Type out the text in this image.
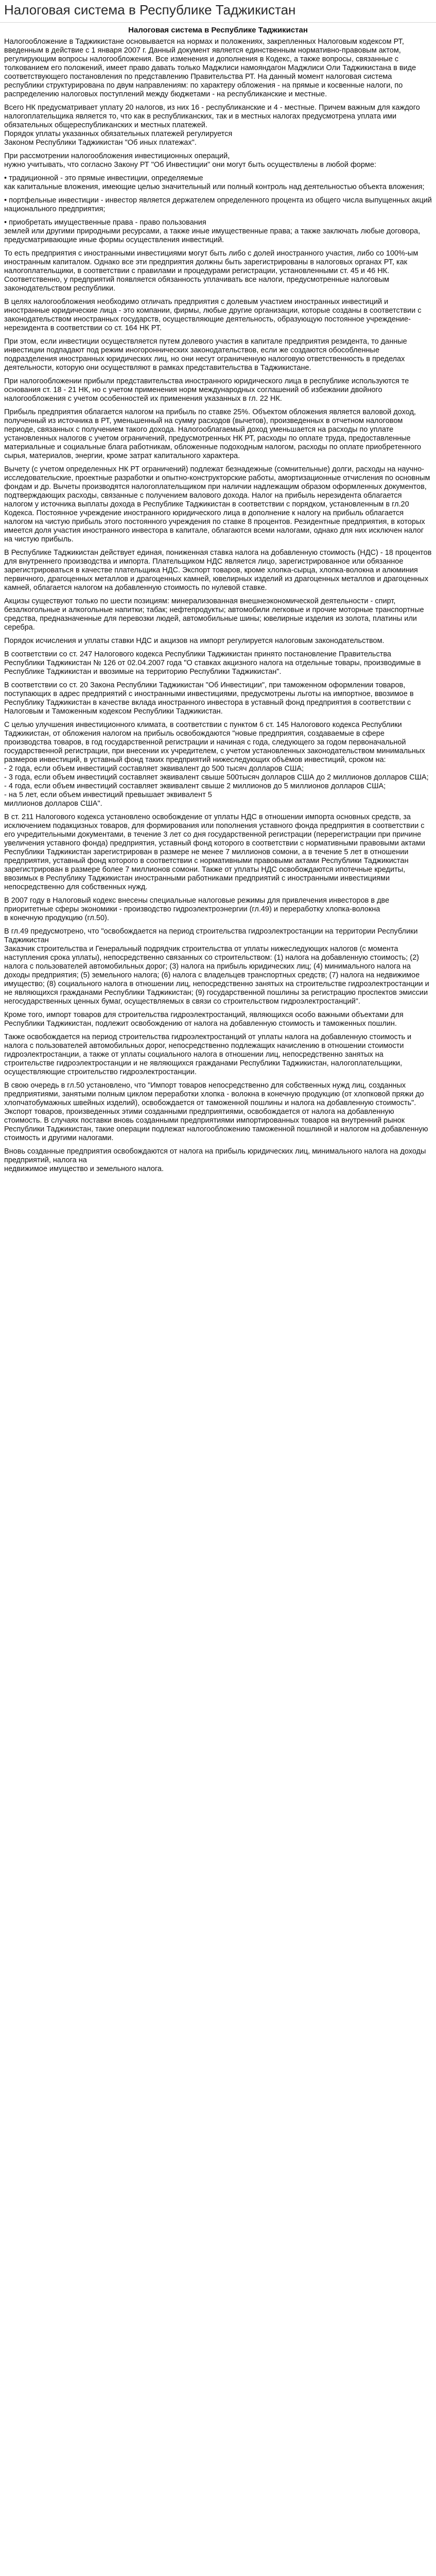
Налоговая система в Республике Таджикистан
Налоговая система в Республике Таджикистан

Налогообложение в Таджикистане основывается на нормах и положениях, закрепленных Налоговым кодексом РТ, введенным в действие с 1 января 2007 г. Данный документ является единственным нормативно-правовым актом, регулирующим вопросы налогообложения. Все изменения и дополнения в Кодекс, а также вопросы, связанные с толкованием его положений, имеет право давать только Маджлиси намояндагон Маджлиси Оли Таджикистана в виде соответствующего постановления по представлению Правительства РТ. На данный момент налоговая система республики структурирована по двум направлениям: по характеру обложения - на прямые и косвенные налоги, по распределению налоговых поступлений между бюджетами - на республиканские и местные.

Всего НК предусматривает уплату 20 налогов, из них 16 - республиканские и 4 - местные. Причем важным для каждого налогоплательщика является то, что как в республиканских, так и в местных налогах предусмотрена уплата ими обязательных общереспубликанских и местных платежей.
Порядок уплаты указанных обязательных платежей регулируется
Законом Республики Таджикистан "Об иных платежах".

При рассмотрении налогообложения инвестиционных операций,
нужно учитывать, что согласно Закону РТ "Об Инвестиции" они могут быть осуществлены в любой форме:

• традиционной - это прямые инвестиции, определяемые
как капитальные вложения, имеющие целью значительный или полный контроль над деятельностью объекта вложения;

• портфельные инвестиции - инвестор является держателем определенного процента из общего числа выпущенных акций национального предприятия;

• приобретать имущественные права - право пользования
землей или другими природными ресурсами, а также иные имущественные права; а также заключать любые договора, предусматривающие иные формы осуществления инвестиций.

То есть предприятия с иностранными инвестициями могут быть либо с долей иностранного участия, либо со 100%-ым иностранным капиталом. Однако все эти предприятия должны быть зарегистрированы в налоговых органах РТ, как налогоплательщики, в соответствии с правилами и процедурами регистрации, установленными ст. 45 и 46 НК. Соответственно, у предприятий появляется обязанность уплачивать все налоги, предусмотренные налоговым законодательством республики.

В целях налогообложения необходимо отличать предприятия с долевым участием иностранных инвестиций и иностранные юридические лица - это компании, фирмы, любые другие организации, которые созданы в соответствии с законодательством иностранных государств, осуществляющие деятельность, образующую постоянное учреждение-нерезидента в соответствии со ст. 164 НК РТ.

При этом, если инвестиции осуществляется путем долевого участия в капитале предприятия резидента, то данные инвестиции подпадают под режим иногороннических законодательствов, если же создаются обособленные подразделения иностранных юридических лиц, но они несут ограниченную налоговую ответственность в пределах деятельности, которую они осуществляют в рамках представительства в Таджикистане.

При налогообложении прибыли представительства иностранного юридического лица в республике используются те основания ст. 18 - 21 НК, но с учетом применения норм международных соглашений об избежании двойного налогообложения с учетом особенностей их применения указанных в гл. 22 НК.

Прибыль предприятия облагается налогом на прибыль по ставке 25%. Объектом обложения является валовой доход, полученный из источника в РТ, уменьшенный на сумму расходов (вычетов), произведенных в отчетном налоговом периоде, связанных с получением такого дохода. Налогооблагаемый доход уменьшается на расходы по уплате установленных налогов с учетом ограничений, предусмотренных НК РТ, расходы по оплате труда, предоставленные материальные и социальные блага работникам, обложенные подоходным налогом, расходы по оплате приобретенного сырья, материалов, энергии, кроме затрат капитального характера.

Вычету (с учетом определенных НК РТ ограничений) подлежат безнадежные (сомнительные) долги, расходы на научно-исследовательские, проектные разработки и опытно-конструкторские работы, амортизационные отчисления по основным фондам и др. Вычеты производятся налогоплательщиком при наличии надлежащим образом оформленных документов, подтверждающих расходы, связанные с получением валового дохода. Налог на прибыль нерезидента облагается налогом у источника выплаты дохода в Республике Таджикистан в соответствии с порядком, установленным в гл.20 Кодекса. Постоянное учреждение иностранного юридического лица в дополнение к налогу на прибыль облагается налогом на чистую прибыль этого постоянного учреждения по ставке 8 процентов. Резидентные предприятия, в которых имеется доля участия иностранного инвестора в капитале, облагаются всеми налогами, однако для них исключен налог на чистую прибыль.

В Республике Таджикистан действует единая, пониженная ставка налога на добавленную стоимость (НДС) - 18 процентов для внутреннего производства и импорта. Плательщиком НДС является лицо, зарегистрированное или обязанное зарегистрироваться в качестве плательщика НДС. Экспорт товаров, кроме хлопка-сырца, хлопка-волокна и алюминия первичного, драгоценных металлов и драгоценных камней, ювелирных изделий из драгоценных металлов и драгоценных камней, облагается налогом на добавленную стоимость по нулевой ставке.

Акцизы существуют только по шести позициям: минерализованная внешнеэкономической деятельности - спирт, безалкогольные и алкогольные напитки; табак; нефтепродукты; автомобили легковые и прочие моторные транспортные средства, предназначенные для перевозки людей, автомобильные шины; ювелирные изделия из золота, платины или серебра.

Порядок исчисления и уплаты ставки НДС и акцизов на импорт регулируется налоговым законодательством.

В соответствии со ст. 247 Налогового кодекса Республики Таджикистан принято постановление Правительства Республики Таджикистан № 126 от 02.04.2007 года "О ставках акцизного налога на отдельные товары, производимые в Республике Таджикистан и ввозимые на территорию Республики Таджикистан".

В соответствии со ст. 20 Закона Республики Таджикистан "Об Инвестиции", при таможенном оформлении товаров, поступающих в адрес предприятий с иностранными инвестициями, предусмотрены льготы на импортное, ввозимое в Республику Таджикистан в качестве вклада иностранного инвестора в уставный фонд предприятия в соответствии с Налоговым и Таможенным кодексом Республики Таджикистан.

С целью улучшения инвестиционного климата, в соответствии с пунктом 6 ст. 145 Налогового кодекса Республики Таджикистан, от обложения налогом на прибыль освобождаются "новые предприятия, создаваемые в сфере производства товаров, в год государственной регистрации и начиная с года, следующего за годом первоначальной государственной регистрации, при внесении их учредителем, с учетом установленных законодательством минимальных размеров инвестиций, в уставный фонд таких предприятий нижеследующих объёмов инвестиций, сроком на:
- 2 года, если объем инвестиций составляет эквивалент до 500 тысяч долларов США;
- 3 года, если объем инвестиций составляет эквивалент свыше 500тысяч долларов США до 2 миллионов долларов США;
- 4 года, если объем инвестиций составляет эквивалент свыше 2 миллионов до 5 миллионов долларов США;
- на 5 лет, если объем инвестиций превышает эквивалент 5
миллионов долларов США".

В ст. 211 Налогового кодекса установлено освобождение от уплаты НДС в отношении импорта основных средств, за исключением подакцизных товаров, для формирования или пополнения уставного фонда предприятия в соответствии с его учредительными документами, в течение 3 лет со дня государственной регистрации (перерегистрации при причине увеличения уставного фонда) предприятия, уставный фонд которого в соответствии с нормативными правовыми актами Республики Таджикистан зарегистрирован в размере не менее 7 миллионов сомони, а в течение 5 лет в отношении предприятия, уставный фонд которого в соответствии с нормативными правовыми актами Республики Таджикистан зарегистрирован в размере более 7 миллионов сомони. Также от уплаты НДС освобождаются ипотечные кредиты, ввозимых в Республику Таджикистан иностранными работниками предприятий с иностранными инвестициями непосредственно для собственных нужд.

В 2007 году в Налоговый кодекс внесены специальные налоговые режимы для привлечения инвесторов в две приоритетные сферы экономики - производство гидроэлектроэнергии (гл.49) и переработку хлопка-волокна
в конечную продукцию (гл.50).

В гл.49 предусмотрено, что "освобождается на период строительства гидроэлектростанции на территории Республики Таджикистан
Заказчик строительства и Генеральный подрядчик строительства от уплаты нижеследующих налогов (с момента наступления срока уплаты), непосредственно связанных со строительством: (1) налога на добавленную стоимость; (2) налога с пользователей автомобильных дорог; (3) налога на прибыль юридических лиц; (4) минимального налога на доходы предприятия; (5) земельного налога; (6) налога с владельцев транспортных средств; (7) налога на недвижимое имущество; (8) социального налога в отношении лиц, непосредственно занятых на строительстве гидроэлектростанции и не являющихся гражданами Республики Таджикистан; (9) государственной пошлины за регистрацию проспектов эмиссии негосударственных ценных бумаг, осуществляемых в связи со строительством гидроэлектростанций".

Кроме того, импорт товаров для строительства гидроэлектростанций, являющихся особо важными объектами для Республики Таджикистан, подлежит освобождению от налога на добавленную стоимость и таможенных пошлин.

Также освобождается на период строительства гидроэлектростанций от уплаты налога на добавленную стоимость и налога с пользователей автомобильных дорог, непосредственно подлежащих начислению в отношении стоимости гидроэлектростанции, а также от уплаты социального налога в отношении лиц, непосредственно занятых на строительстве гидроэлектростанции и не являющихся гражданами Республики Таджикистан, налогоплательщики, осуществляющие строительство гидроэлектростанции.

В свою очередь в гл.50 установлено, что "Импорт товаров непосредственно для собственных нужд лиц, созданных предприятиями, занятыми полным циклом переработки хлопка - волокна в конечную продукцию (от хлопковой пряжи до хлопчатобумажных швейных изделий), освобождается от таможенной пошлины и налога на добавленную стоимость". Экспорт товаров, произведенных этими созданными предприятиями, освобождается от налога на добавленную стоимость. В случаях поставки вновь созданными предприятиями импортированных товаров на внутренний рынок Республики Таджикистан, такие операции подлежат налогообложению таможенной пошлиной и налогом на добавленную стоимость и другими налогами.

Вновь созданные предприятия освобождаются от налога на прибыль юридических лиц, минимального налога на доходы предприятий, налога на
недвижимое имущество и земельного налога.
